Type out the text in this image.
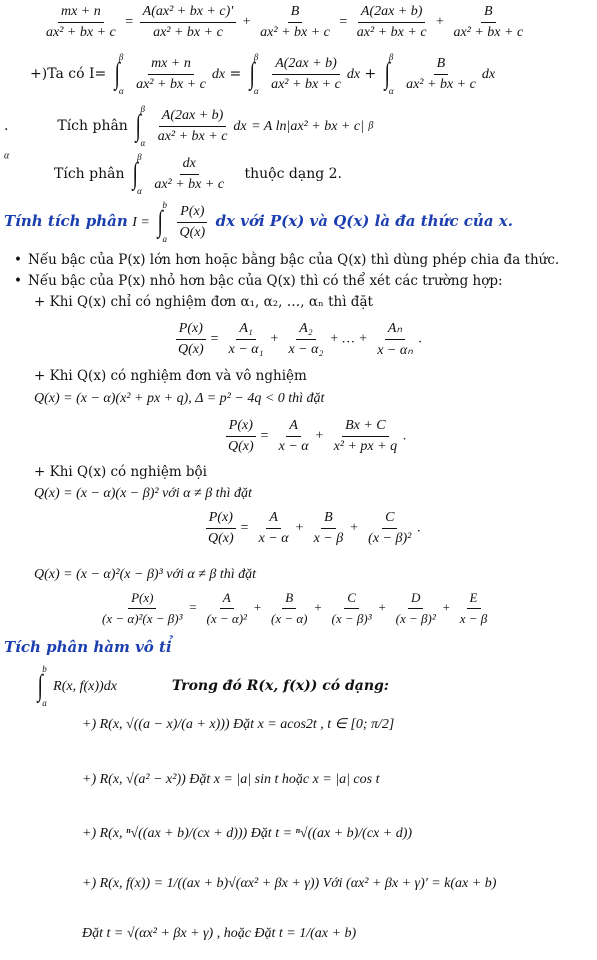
$\frac{mx + n}{\text{ax² + bx + c}} = \frac{\text{A(ax² + bx + c)'}}{\text{ax² + bx + c}} + \frac{B}{\text{ax² + bx + c}} = \frac{A(2ax + b)}{\text{ax² + bx + c}} + \frac{B}{\text{ax² + bx + c}}$
+)Ta có I= ∫ β
α
$\frac{mx + n}{\text{ax² + bx + c}}$ dx = ∫ β
α
$\frac{A(2ax + b)}{\text{ax² + bx + c}}$ dx + ∫ β
α
$\frac{B}{\text{ax² + bx + c}}$ dx
.	Tích phân ∫ β
α
$\frac{A(2ax + b)}{\text{ax² + bx + c}}$ dx = A ln|ax² + bx + c| β
α
Tích phân ∫ β
α
$\frac{dx}{\text{ax² + bx + c}}$ thuộc dạng 2.
Tính tích phân I = ∫ b
a
$\frac{P(x)}{Q(x)}$ dx với P(x) và Q(x) là đa thức của x.
• Nếu bậc của P(x) lớn hơn hoặc bằng bậc của Q(x) thì dùng phép chia đa thức.
• Nếu bậc của P(x) nhỏ hơn bậc của Q(x) thì có thể xét các trường hợp:
+ Khi Q(x) chỉ có nghiệm đơn α₁, α₂, …, αₙ thì đặt
$\frac{P(x)}{Q(x)} = \frac{\text{A₁}}{\text{x − α₁}} + \frac{\text{A₂}}{\text{x − α₂}}$ + … + $\frac{\text{Aₙ}}{\text{x − αₙ}}$ .
+ Khi Q(x) có nghiệm đơn và vô nghiệm
Q(x) = (x − α)(x² + px + q), Δ = p² − 4q < 0 thì đặt
$\frac{P(x)}{Q(x)} = \frac{A}{x - \alpha} + \frac{Bx + C}{\text{x² + px + q}}$ .
+ Khi Q(x) có nghiệm bội
Q(x) = (x − α)(x − β)² với α ≠ β thì đặt
$\frac{P(x)}{Q(x)} = \frac{A}{x - \alpha} + \frac{B}{x - \beta} + \frac{C}{\text{(x − β)²}}$ .
Q(x) = (x − α)²(x − β)³ với α ≠ β thì đặt
$\frac{P(x)}{\text{(x − α)²(x − β)³}} = \frac{A}{\text{(x − α)²}} + \frac{B}{(x - \alpha)} + \frac{C}{\text{(x − β)³}} + \frac{D}{\text{(x − β)²}} + \frac{E}{x - \beta}$
Tích phân hàm vô tỉ
∫ b
a
R(x, f(x))dx	Trong đó R(x, f(x)) có dạng:
+) R(x, √((a − x)/(a + x))) Đặt x = acos2t , t ∈ [0; π/2]
+) R(x, √(a² − x²)) Đặt x = |a| sin t hoặc x = |a| cos t
+) R(x, ⁿ√((ax + b)/(cx + d))) Đặt t = ⁿ√((ax + b)/(cx + d))
+) R(x, f(x)) = 1/((ax + b)√(αx² + βx + γ)) Với (αx² + βx + γ)' = k(ax + b)
Đặt t = √(αx² + βx + γ) , hoặc Đặt t = 1/(ax + b)
